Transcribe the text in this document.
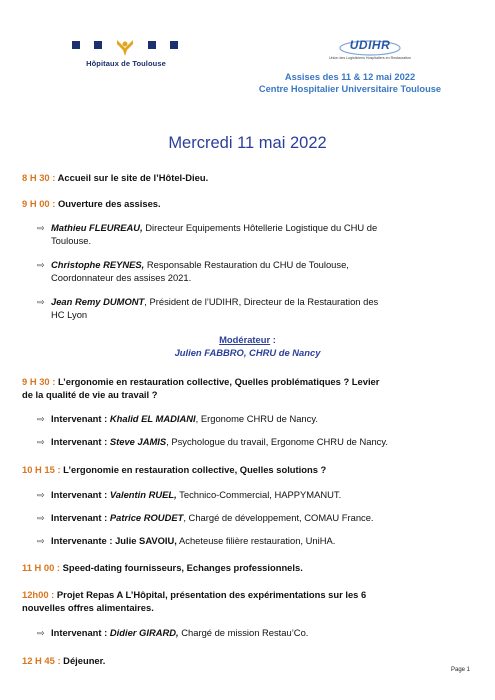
Hôpitaux de Toulouse
UDIHR
Union des Logisticiens Hospitaliers en Restauration
Assises des 11 & 12 mai 2022
Centre Hospitalier Universitaire Toulouse
Mercredi 11 mai 2022
8 H 30 : Accueil sur le site de l’Hôtel-Dieu.
9 H 00 : Ouverture des assises.
⇨ Mathieu FLEUREAU, Directeur Equipements Hôtellerie Logistique du CHU de
Toulouse.
⇨ Christophe REYNES, Responsable Restauration du CHU de Toulouse,
Coordonnateur des assises 2021.
⇨ Jean Remy DUMONT, Président de l’UDIHR, Directeur de la Restauration des
HC Lyon
Modérateur :
Julien FABBRO, CHRU de Nancy
9 H 30 : L’ergonomie en restauration collective, Quelles problématiques ? Levier
de la qualité de vie au travail ?
⇨ Intervenant : Khalid EL MADIANI, Ergonome CHRU de Nancy.
⇨ Intervenant : Steve JAMIS, Psychologue du travail, Ergonome CHRU de Nancy.
10 H 15 : L’ergonomie en restauration collective, Quelles solutions ?
⇨ Intervenant : Valentin RUEL, Technico-Commercial, HAPPYMANUT.
⇨ Intervenant : Patrice ROUDET, Chargé de développement, COMAU France.
⇨ Intervenante : Julie SAVOIU, Acheteuse filière restauration, UniHA.
11 H 00 : Speed-dating fournisseurs, Echanges professionnels.
12h00 : Projet Repas A L’Hôpital, présentation des expérimentations sur les 6
nouvelles offres alimentaires.
⇨ Intervenant : Didier GIRARD, Chargé de mission Restau’Co.
12 H 45 : Déjeuner.
Page 1
